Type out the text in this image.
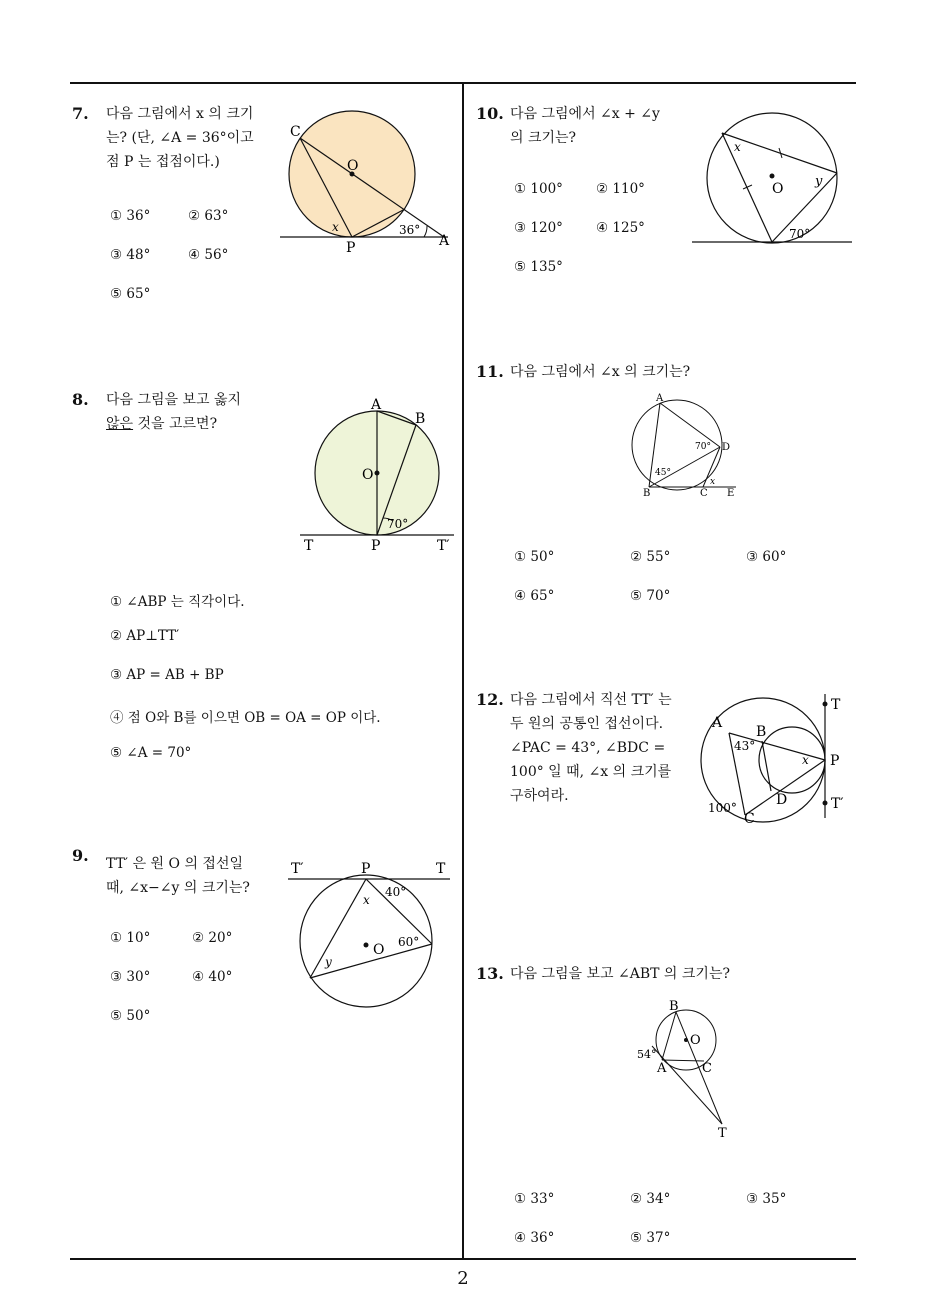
7. 다음 그림에서 x 의 크기
는? (단, ∠A = 36°이고
점 P 는 접점이다.)
① 36°	② 63°
③ 48°	④ 56°
⑤ 65°
C
O
x	36°
P	A
8. 다음 그림을 보고 옳지
않은 것을 고르면?
① ∠ABP 는 직각이다.
② AP⊥TT′
③ AP = AB + BP
④ 점 O와 B를 이으면 OB = OA = OP 이다.
⑤ ∠A = 70°
A
B
O
70°
T	P	T′
9. TT′ 은 원 O 의 접선일
때, ∠x−∠y 의 크기는?
① 10°	② 20°
③ 30°	④ 40°
⑤ 50°
T′	P	T
40°
x
O 60°
y
10. 다음 그림에서 ∠x + ∠y
의 크기는?
① 100° ② 110°
③ 120° ④ 125°
⑤ 135°
x
O y
70°
11. 다음 그림에서 ∠x 의 크기는?
① 50°	② 55°	③ 60°
④ 65°	⑤ 70°
A
70° D
45°
x
B	C E
12. 다음 그림에서 직선 TT′ 는
두 원의 공통인 접선이다.
∠PAC = 43°, ∠BDC =
100° 일 때, ∠x 의 크기를
구하여라.
T
A
B
43°
x P
D
100°
C
T′
13. 다음 그림을 보고 ∠ABT 의 크기는?
① 33°	② 34°	③ 35°
④ 36°	⑤ 37°
B
O
54°
A	C
T
2
